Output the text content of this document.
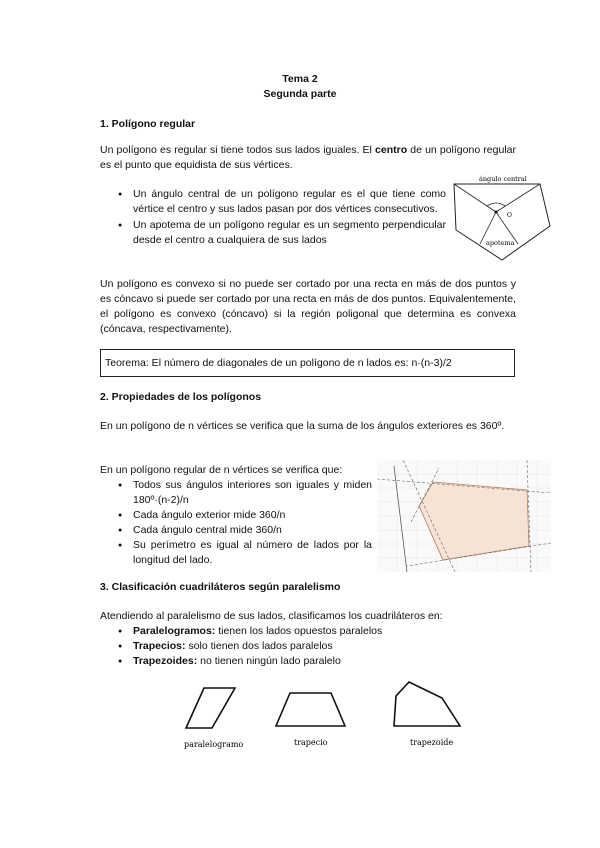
Tema 2
Segunda parte
1. Polígono regular
Un polígono es regular si tiene todos sus lados iguales. El centro de un polígono regular es el punto que equidista de sus vértices.
● Un ángulo central de un polígono regular es el que tiene como vértice el centro y sus lados pasan por dos vértices consecutivos.
● Un apotema de un polígono regular es un segmento perpendicular desde el centro a cualquiera de sus lados
ángulo central
O
apotema
Un polígono es convexo si no puede ser cortado por una recta en más de dos puntos y es cóncavo si puede ser cortado por una recta en más de dos puntos. Equivalentemente, el polígono es convexo (cóncavo) si la región poligonal que determina es convexa (cóncava, respectivamente).
Teorema: El número de diagonales de un polígono de n lados es: n·(n-3)/2
2. Propiedades de los polígonos
En un polígono de n vértices se verifica que la suma de los ángulos exteriores es 360º.
En un polígono regular de n vértices se verifica que:
● Todos sus ángulos interiores son iguales y miden 180º·(n-2)/n
● Cada ángulo exterior mide 360/n
● Cada ángulo central mide 360/n
● Su perímetro es igual al número de lados por la longitud del lado.
3. Clasificación cuadriláteros según paralelismo
Atendiendo al paralelismo de sus lados, clasificamos los cuadriláteros en:
● Paralelogramos: tienen los lados opuestos paralelos
● Trapecios: solo tienen dos lados paralelos
● Trapezoides: no tienen ningún lado paralelo
paralelogramo	trapecio	trapezoide
